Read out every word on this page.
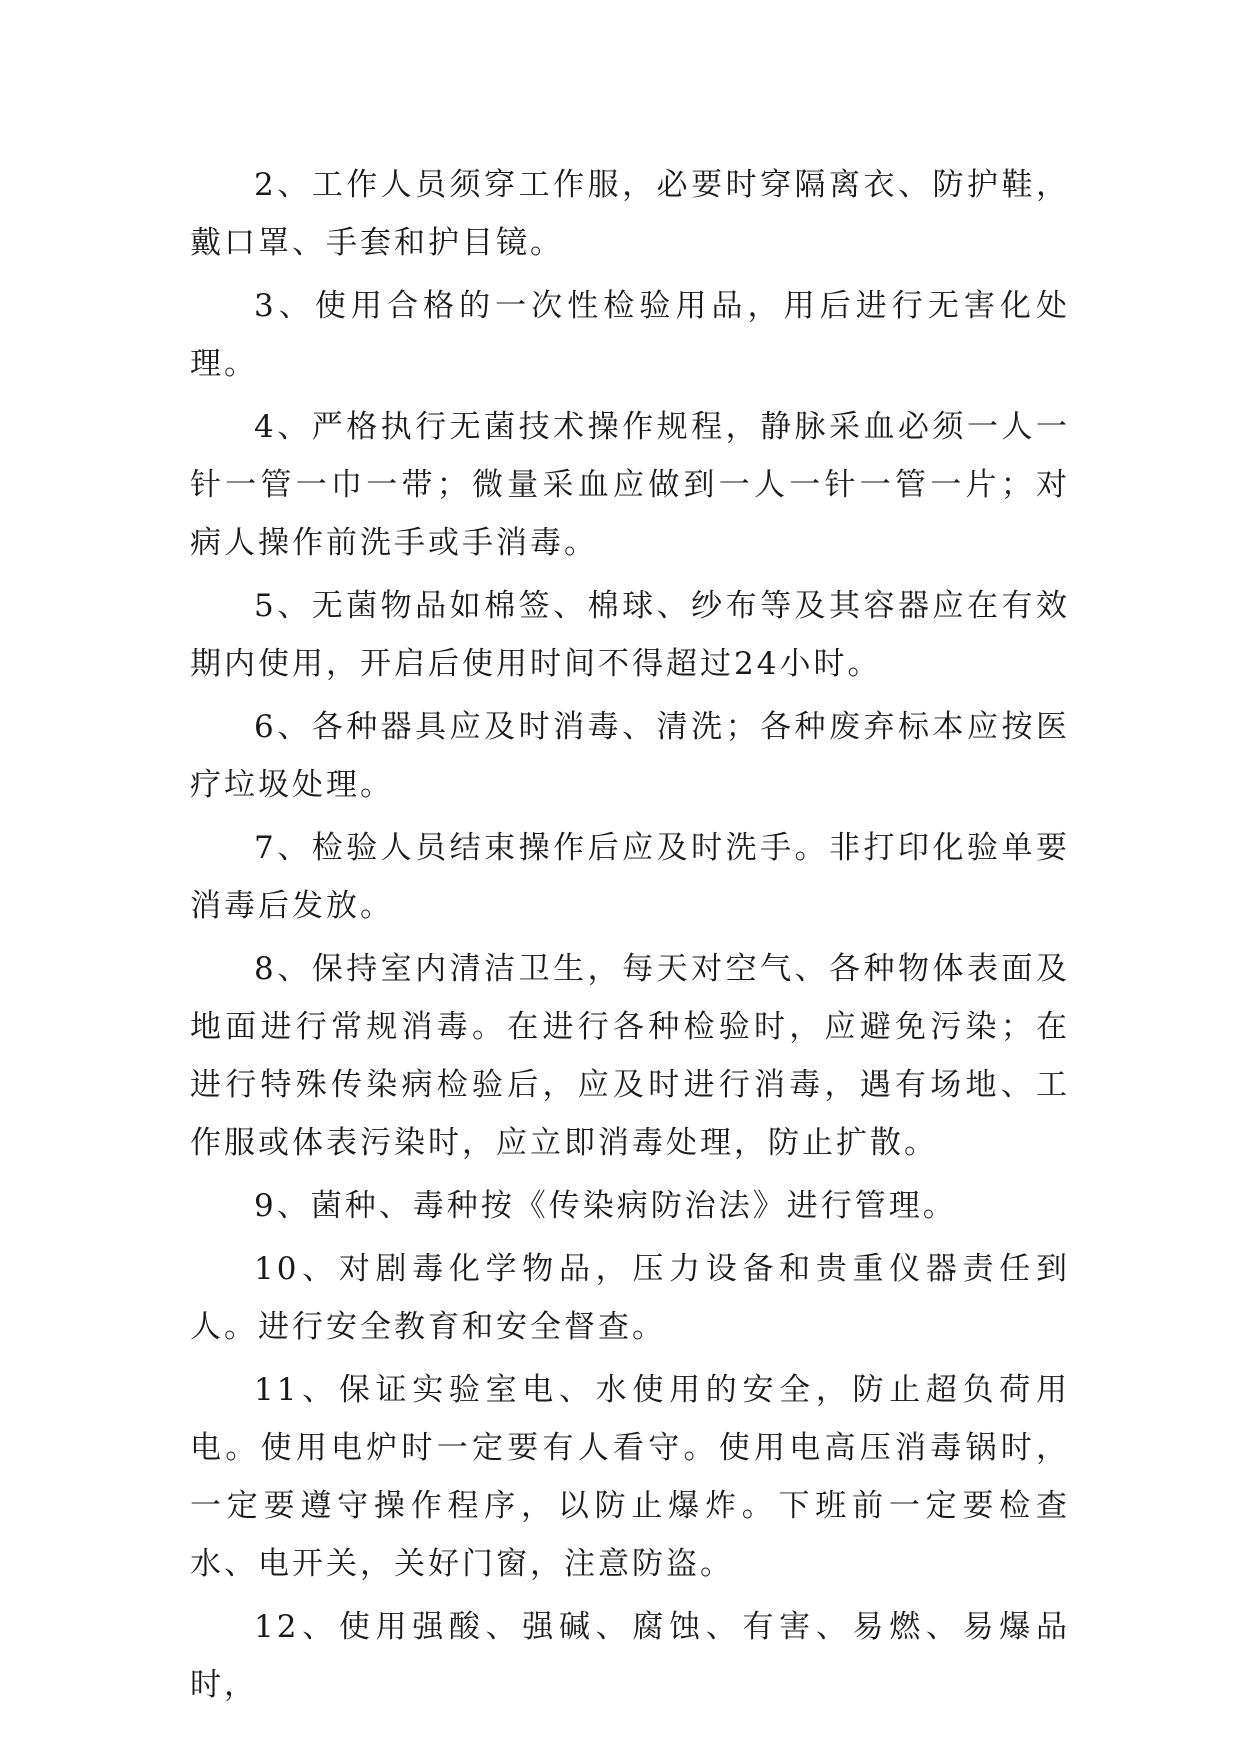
2、工作人员须穿工作服，必要时穿隔离衣、防护鞋，戴口罩、手套和护目镜。

3、使用合格的一次性检验用品，用后进行无害化处理。

4、严格执行无菌技术操作规程，静脉采血必须一人一针一管一巾一带；微量采血应做到一人一针一管一片；对病人操作前洗手或手消毒。

5、无菌物品如棉签、棉球、纱布等及其容器应在有效期内使用，开启后使用时间不得超过24小时。

6、各种器具应及时消毒、清洗；各种废弃标本应按医疗垃圾处理。

7、检验人员结束操作后应及时洗手。非打印化验单要消毒后发放。

8、保持室内清洁卫生，每天对空气、各种物体表面及地面进行常规消毒。在进行各种检验时，应避免污染；在进行特殊传染病检验后，应及时进行消毒，遇有场地、工作服或体表污染时，应立即消毒处理，防止扩散。

9、菌种、毒种按《传染病防治法》进行管理。

10、对剧毒化学物品，压力设备和贵重仪器责任到人。进行安全教育和安全督查。

11、保证实验室电、水使用的安全，防止超负荷用电。使用电炉时一定要有人看守。使用电高压消毒锅时，一定要遵守操作程序，以防止爆炸。下班前一定要检查水、电开关，关好门窗，注意防盗。

12、使用强酸、强碱、腐蚀、有害、易燃、易爆品时，
